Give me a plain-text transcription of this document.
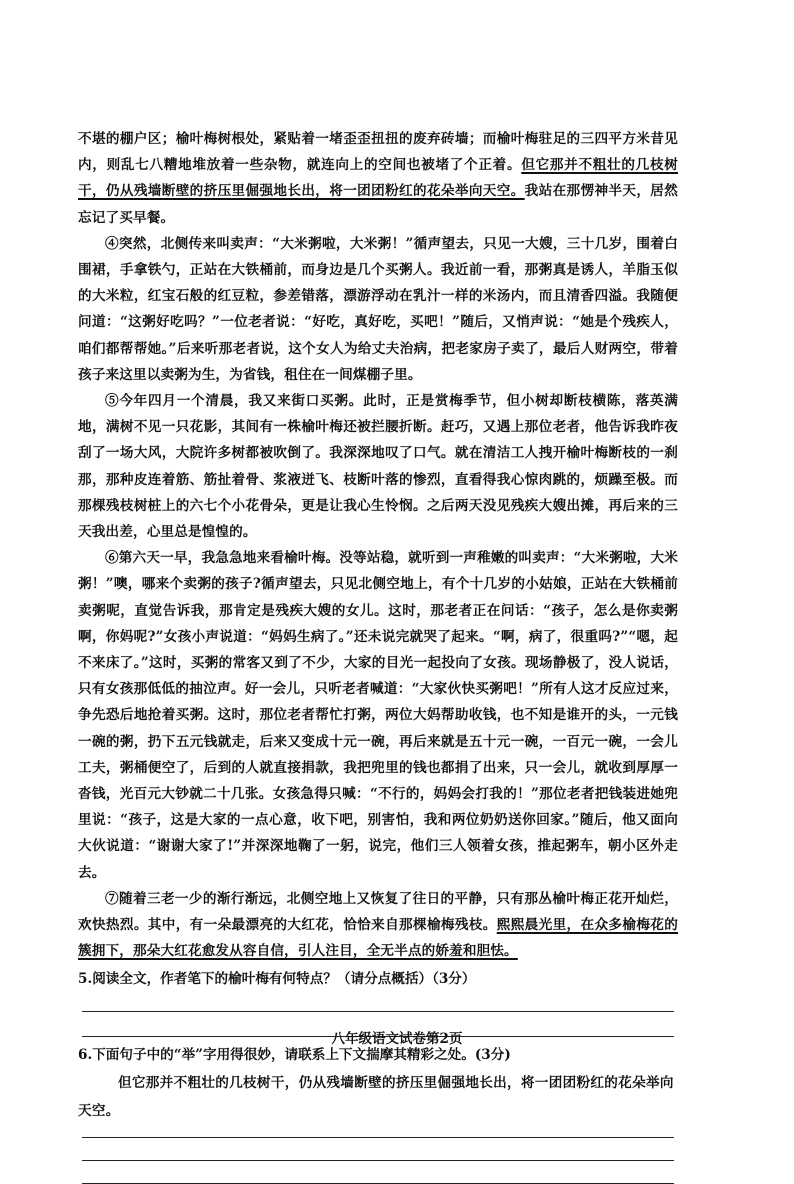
不堪的棚户区；榆叶梅树根处，紧贴着一堵歪歪扭扭的废弃砖墙；而榆叶梅驻足的三四平方米昔见内，则乱七八糟地堆放着一些杂物，就连向上的空间也被堵了个正着。但它那并不粗壮的几枝树干，仍从残墙断壁的挤压里倔强地长出，将一团团粉红的花朵举向天空。我站在那愣神半天，居然忘记了买早餐。

④突然，北侧传来叫卖声：“大米粥啦，大米粥！”循声望去，只见一大嫂，三十几岁，围着白围裙，手拿铁勺，正站在大铁桶前，而身边是几个买粥人。我近前一看，那粥真是诱人，羊脂玉似的大米粒，红宝石般的红豆粒，参差错落，漂游浮动在乳汁一样的米汤内，而且清香四溢。我随便问道：“这粥好吃吗？”一位老者说：“好吃，真好吃，买吧！”随后，又悄声说：“她是个残疾人，咱们都帮帮她。”后来听那老者说，这个女人为给丈夫治病，把老家房子卖了，最后人财两空，带着孩子来这里以卖粥为生，为省钱，租住在一间煤棚子里。

⑤今年四月一个清晨，我又来街口买粥。此时，正是赏梅季节，但小树却断枝横陈，落英满地，满树不见一只花影，其间有一株榆叶梅还被拦腰折断。赶巧，又遇上那位老者，他告诉我昨夜刮了一场大风，大院许多树都被吹倒了。我深深地叹了口气。就在清洁工人拽开榆叶梅断枝的一刹那，那种皮连着筋、筋扯着骨、浆液迸飞、枝断叶落的惨烈，直看得我心惊肉跳的，烦躁至极。而那棵残枝树桩上的六七个小花骨朵，更是让我心生怜悯。之后两天没见残疾大嫂出摊，再后来的三天我出差，心里总是惶惶的。

⑥第六天一早，我急急地来看榆叶梅。没等站稳，就听到一声稚嫩的叫卖声：“大米粥啦，大米粥！”噢，哪来个卖粥的孩子?循声望去，只见北侧空地上，有个十几岁的小姑娘，正站在大铁桶前卖粥呢，直觉告诉我，那肯定是残疾大嫂的女儿。这时，那老者正在问话：“孩子，怎么是你卖粥啊，你妈呢?”女孩小声说道：“妈妈生病了。”还未说完就哭了起来。“啊，病了，很重吗?”“嗯，起不来床了。”这时，买粥的常客又到了不少，大家的目光一起投向了女孩。现场静极了，没人说话，只有女孩那低低的抽泣声。好一会儿，只听老者喊道：“大家伙快买粥吧！”所有人这才反应过来，争先恐后地抢着买粥。这时，那位老者帮忙打粥，两位大妈帮助收钱，也不知是谁开的头，一元钱一碗的粥，扔下五元钱就走，后来又变成十元一碗，再后来就是五十元一碗，一百元一碗，一会儿工夫，粥桶便空了，后到的人就直接捐款，我把兜里的钱也都捐了出来，只一会儿，就收到厚厚一沓钱，光百元大钞就二十几张。女孩急得只喊：“不行的，妈妈会打我的！”那位老者把钱装进她兜里说：“孩子，这是大家的一点心意，收下吧，别害怕，我和两位奶奶送你回家。”随后，他又面向大伙说道：“谢谢大家了!”并深深地鞠了一躬，说完，他们三人领着女孩，推起粥车，朝小区外走去。

⑦随着三老一少的渐行渐远，北侧空地上又恢复了往日的平静，只有那丛榆叶梅正花开灿烂，欢快热烈。其中，有一朵最漂亮的大红花，恰恰来自那棵榆梅残枝。熙熙晨光里，在众多榆梅花的簇拥下，那朵大红花愈发从容自信，引人注目，全无半点的娇羞和胆怯。

5.阅读全文，作者笔下的榆叶梅有何特点？（请分点概括）（3分）

6.下面句子中的“举”字用得很妙，请联系上下文揣摩其精彩之处。(3分)

但它那并不粗壮的几枝树干，仍从残墙断壁的挤压里倔强地长出，将一团团粉红的花朵举向天空。

八年级语文试卷第2页
